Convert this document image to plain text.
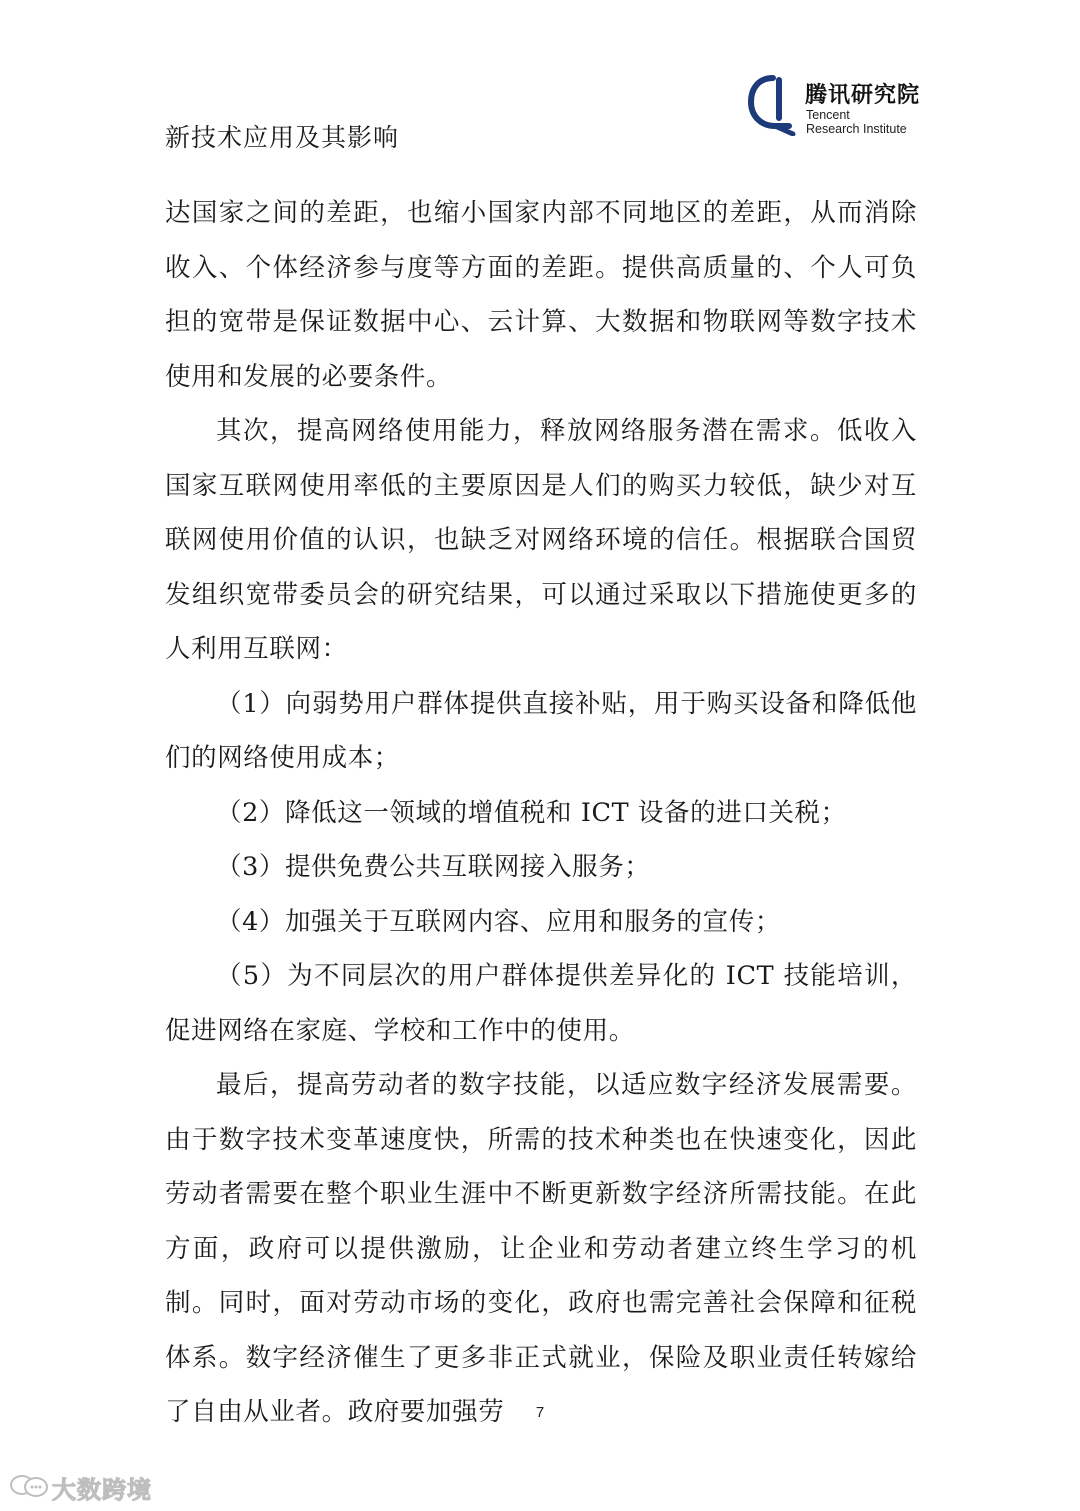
新技术应用及其影响
腾讯研究院
Tencent
Research Institute

达国家之间的差距，也缩小国家内部不同地区的差距，从而消除收入、个体经济参与度等方面的差距。提供高质量的、个人可负担的宽带是保证数据中心、云计算、大数据和物联网等数字技术使用和发展的必要条件。

其次，提高网络使用能力，释放网络服务潜在需求。低收入国家互联网使用率低的主要原因是人们的购买力较低，缺少对互联网使用价值的认识，也缺乏对网络环境的信任。根据联合国贸发组织宽带委员会的研究结果，可以通过采取以下措施使更多的人利用互联网：

（1）向弱势用户群体提供直接补贴，用于购买设备和降低他们的网络使用成本；

（2）降低这一领域的增值税和 ICT 设备的进口关税；

（3）提供免费公共互联网接入服务；

（4）加强关于互联网内容、应用和服务的宣传；

（5）为不同层次的用户群体提供差异化的 ICT 技能培训，促进网络在家庭、学校和工作中的使用。

最后，提高劳动者的数字技能，以适应数字经济发展需要。由于数字技术变革速度快，所需的技术种类也在快速变化，因此劳动者需要在整个职业生涯中不断更新数字经济所需技能。在此方面，政府可以提供激励，让企业和劳动者建立终生学习的机制。同时，面对劳动市场的变化，政府也需完善社会保障和征税体系。数字经济催生了更多非正式就业，保险及职业责任转嫁给了自由从业者。政府要加强劳	7
大数跨境
